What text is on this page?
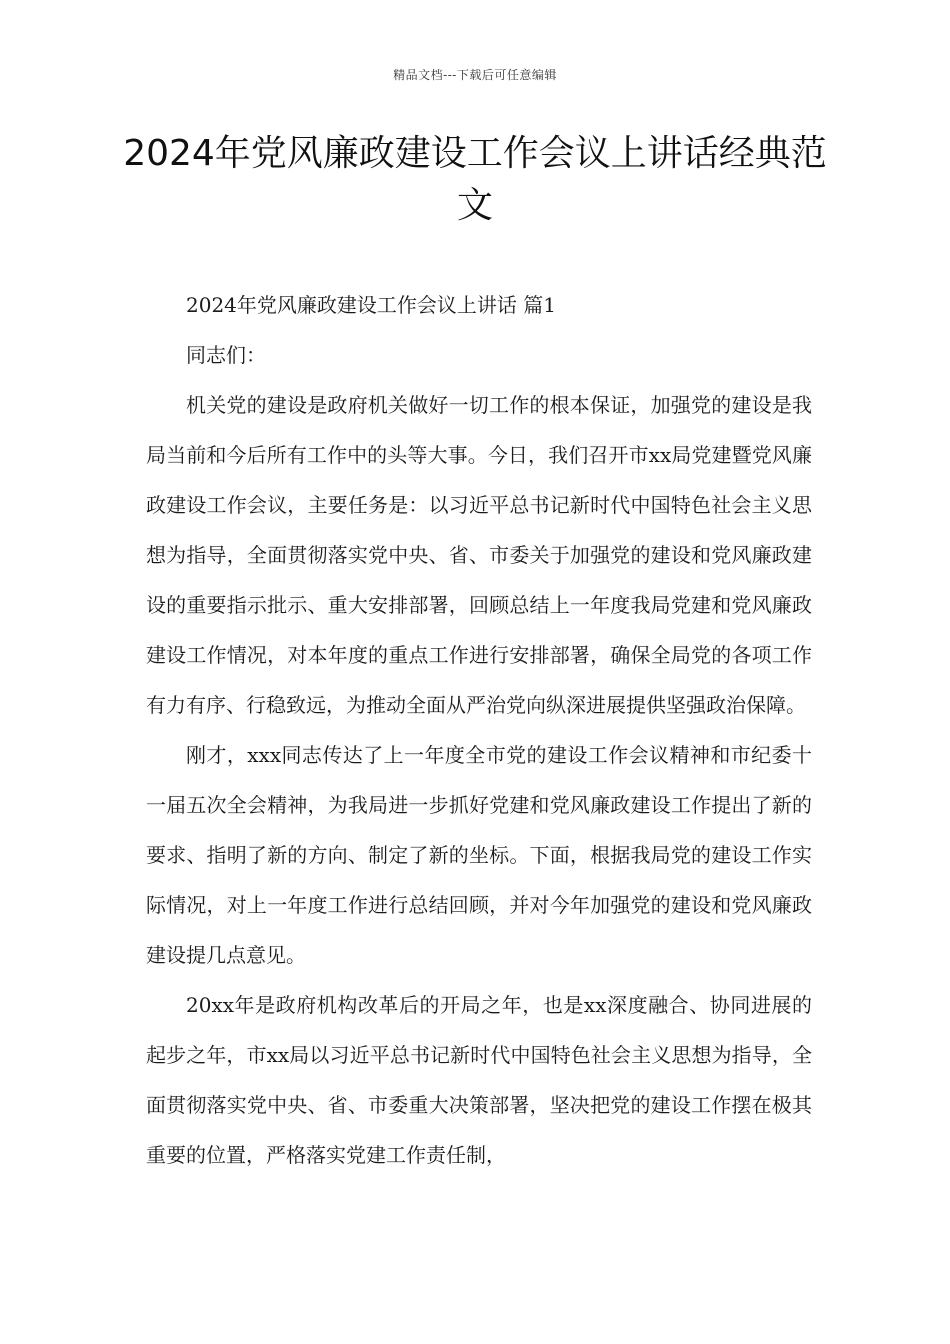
精品文档---下载后可任意编辑
2024年党风廉政建设工作会议上讲话经典范文

2024年党风廉政建设工作会议上讲话 篇1

同志们：

机关党的建设是政府机关做好一切工作的根本保证，加强党的建设是我局当前和今后所有工作中的头等大事。今日，我们召开市xx局党建暨党风廉政建设工作会议，主要任务是：以习近平总书记新时代中国特色社会主义思想为指导，全面贯彻落实党中央、省、市委关于加强党的建设和党风廉政建设的重要指示批示、重大安排部署，回顾总结上一年度我局党建和党风廉政建设工作情况，对本年度的重点工作进行安排部署，确保全局党的各项工作有力有序、行稳致远，为推动全面从严治党向纵深进展提供坚强政治保障。

刚才，xxx同志传达了上一年度全市党的建设工作会议精神和市纪委十一届五次全会精神，为我局进一步抓好党建和党风廉政建设工作提出了新的要求、指明了新的方向、制定了新的坐标。下面，根据我局党的建设工作实际情况，对上一年度工作进行总结回顾，并对今年加强党的建设和党风廉政建设提几点意见。

20xx年是政府机构改革后的开局之年，也是xx深度融合、协同进展的起步之年，市xx局以习近平总书记新时代中国特色社会主义思想为指导，全面贯彻落实党中央、省、市委重大决策部署，坚决把党的建设工作摆在极其重要的位置，严格落实党建工作责任制，
